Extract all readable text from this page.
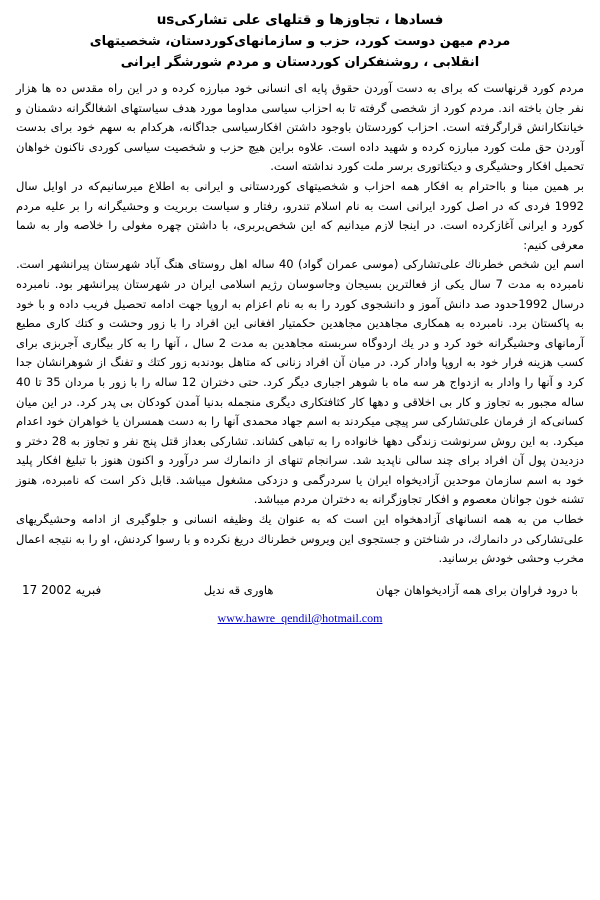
فسادها ، تجاوزها و قتلهای علی تشارکیus
مردم میهن دوست کورد، حزب و سازمانهای‌کوردستان، شخصیتهای
انقلابی ، روشنفکران کوردستان و مردم شورشگر ایرانی

مردم کورد قرنهاست که برای به دست آوردن حقوق پایه ای انسانی خود مبارزه کرده و در این راه مقدس ده ها هزار نفر جان باخته اند. مردم کورد از شخصی گرفته تا به احزاب سیاسی مداوما مورد هدف سیاستهای اشغالگرانه دشمنان و خیانتکارانش قرار‌گرفته است. احزاب کوردستان باوجود داشتن افکارسیاسی جداگانه، هرکدام به سهم خود برای بدست آوردن حق ملت کورد مبارزه کرده و شهید داده است. علاوه براین هیچ حزب و شخصیت سیاسی کوردی ناکنون خواهان تحمیل افکار وحشیگری و دیکتاتوری بر‌سر ملت کورد نداشته است.

بر همین مبنا و بااحترام به افکار همه احزاب و شخصیتهای کوردستانی و ایرانی به اطلاع میرسانیم‌که در اوایل سال 1992 فردی که در اصل کورد ایرانی است به نام اسلام تندرو، رفتار و سیاست بربریت و وحشیگرانه را بر علیه مردم کورد و ایرانی آغازکرده است. در اینجا لازم میدانیم که این شخص‌بربری، با داشتن چهره مغولی را خلاصه وار به شما معرفی کنیم:

اسم این شخص خطرناك علی‌تشارکی (موسی عمران گواد) 40 ساله اهل روستای هنگ آباد شهرستان پیرانشهر است. نامبرده به مدت 7 سال یکی از فعالترین بسیجان وجاسوسان رژیم اسلامی ایران در شهرستان پیرانشهر بود. نامبرده درسال 1992حدود صد دانش آموز و دانشجوی کورد را به به نام اعزام به اروپا جهت ادامه تحصیل فریب داده و با خود به پاکستان برد. نامبرده به همکاری مجاهدین مجاهدین حکمتیار افغانی این افراد را با زور وحشت و کتك کاری مطیع آرمانهای وحشیگرانه خود کرد و در یك اردوگاه سربسته مجاهدین به مدت 2 سال ، آنها را به کار بیگاری آجربزی برای کسب هزینه فرار خود به اروپا وادار کرد. در میان آن افراد زنانی که متاهل بودند‌به زور کتك و تفنگ از شوهرانشان جدا کرد و آنها را وادار به ازدواج هر سه ماه با شوهر اجباری دیگر کرد. حتی دختران 12 ساله را با زور با مردان 35 تا 40 ساله مجبور به تجاوز و کار بی اخلاقی و دهها کار کثافتکاری دیگری منجمله بدنیا آمدن کودکان بی پدر کرد. در این میان کسانی‌که از فرمان علی‌تشارکی سر پیچی میکردند به اسم جهاد محمدی آنها را به دست همسران یا خواهران خود اعدام میکرد. به این روش سرنوشت زندگی دهها خانواده را به تباهی کشاند. تشارکی بعداز قتل پنج نفر و تجاوز به 28 دختر و دزدیدن پول آن افراد برای چند سالی ناپدید شد. سرانجام تنهای از دانمارك سر درآورد و اکنون هنوز با تبلیغ افکار پلید خود به اسم سازمان موحدین آزادیخواه ایران یا سردرگمی و دزدکی مشغول میباشد. قابل ذکر است که نامبرده، هنوز تشنه خون جوانان معصوم و افکار تجاوزگرانه به دختران مردم میباشد.

خطاب من به همه انسانهای آزادهخواه این است که به عنوان یك وظیفه انسانی و جلوگیری از ادامه وحشیگریهای علی‌تشارکی در دانمارك، در شناختن و جستجو‌ی این ویروس خطرناك دریغ نکرده و با رسوا کردنش، او را به نتیجه اعمال مخرب وحشی خودش برسانید.

با درود فراوان برای همه آزادیخواهان جهان
هاوری قه ندیل
17 فبریه 2002
www.hawre_qendil@hotmail.com
